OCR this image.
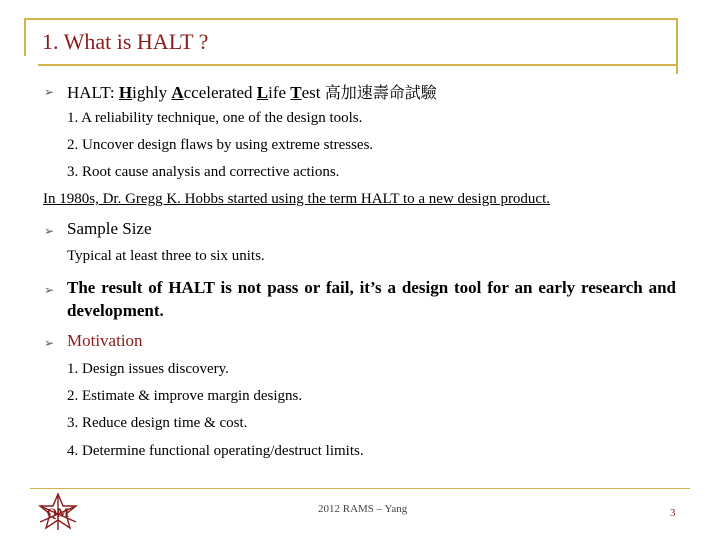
1. What is HALT ?
➢ HALT: Highly Accelerated Life Test 高加速壽命試驗
1. A reliability technique, one of the design tools.
2. Uncover design flaws by using extreme stresses.
3. Root cause analysis and corrective actions.
In 1980s, Dr. Gregg K. Hobbs started using the term HALT to a new design product.
➢ Sample Size
Typical at least three to six units.
➢ The result of HALT is not pass or fail, it’s a design tool for an early research and development.
➢ Motivation
1. Design issues discovery.
2. Estimate & improve margin designs.
3. Reduce design time & cost.
4. Determine functional operating/destruct limits.
QM	2012 RAMS – Yang	3
